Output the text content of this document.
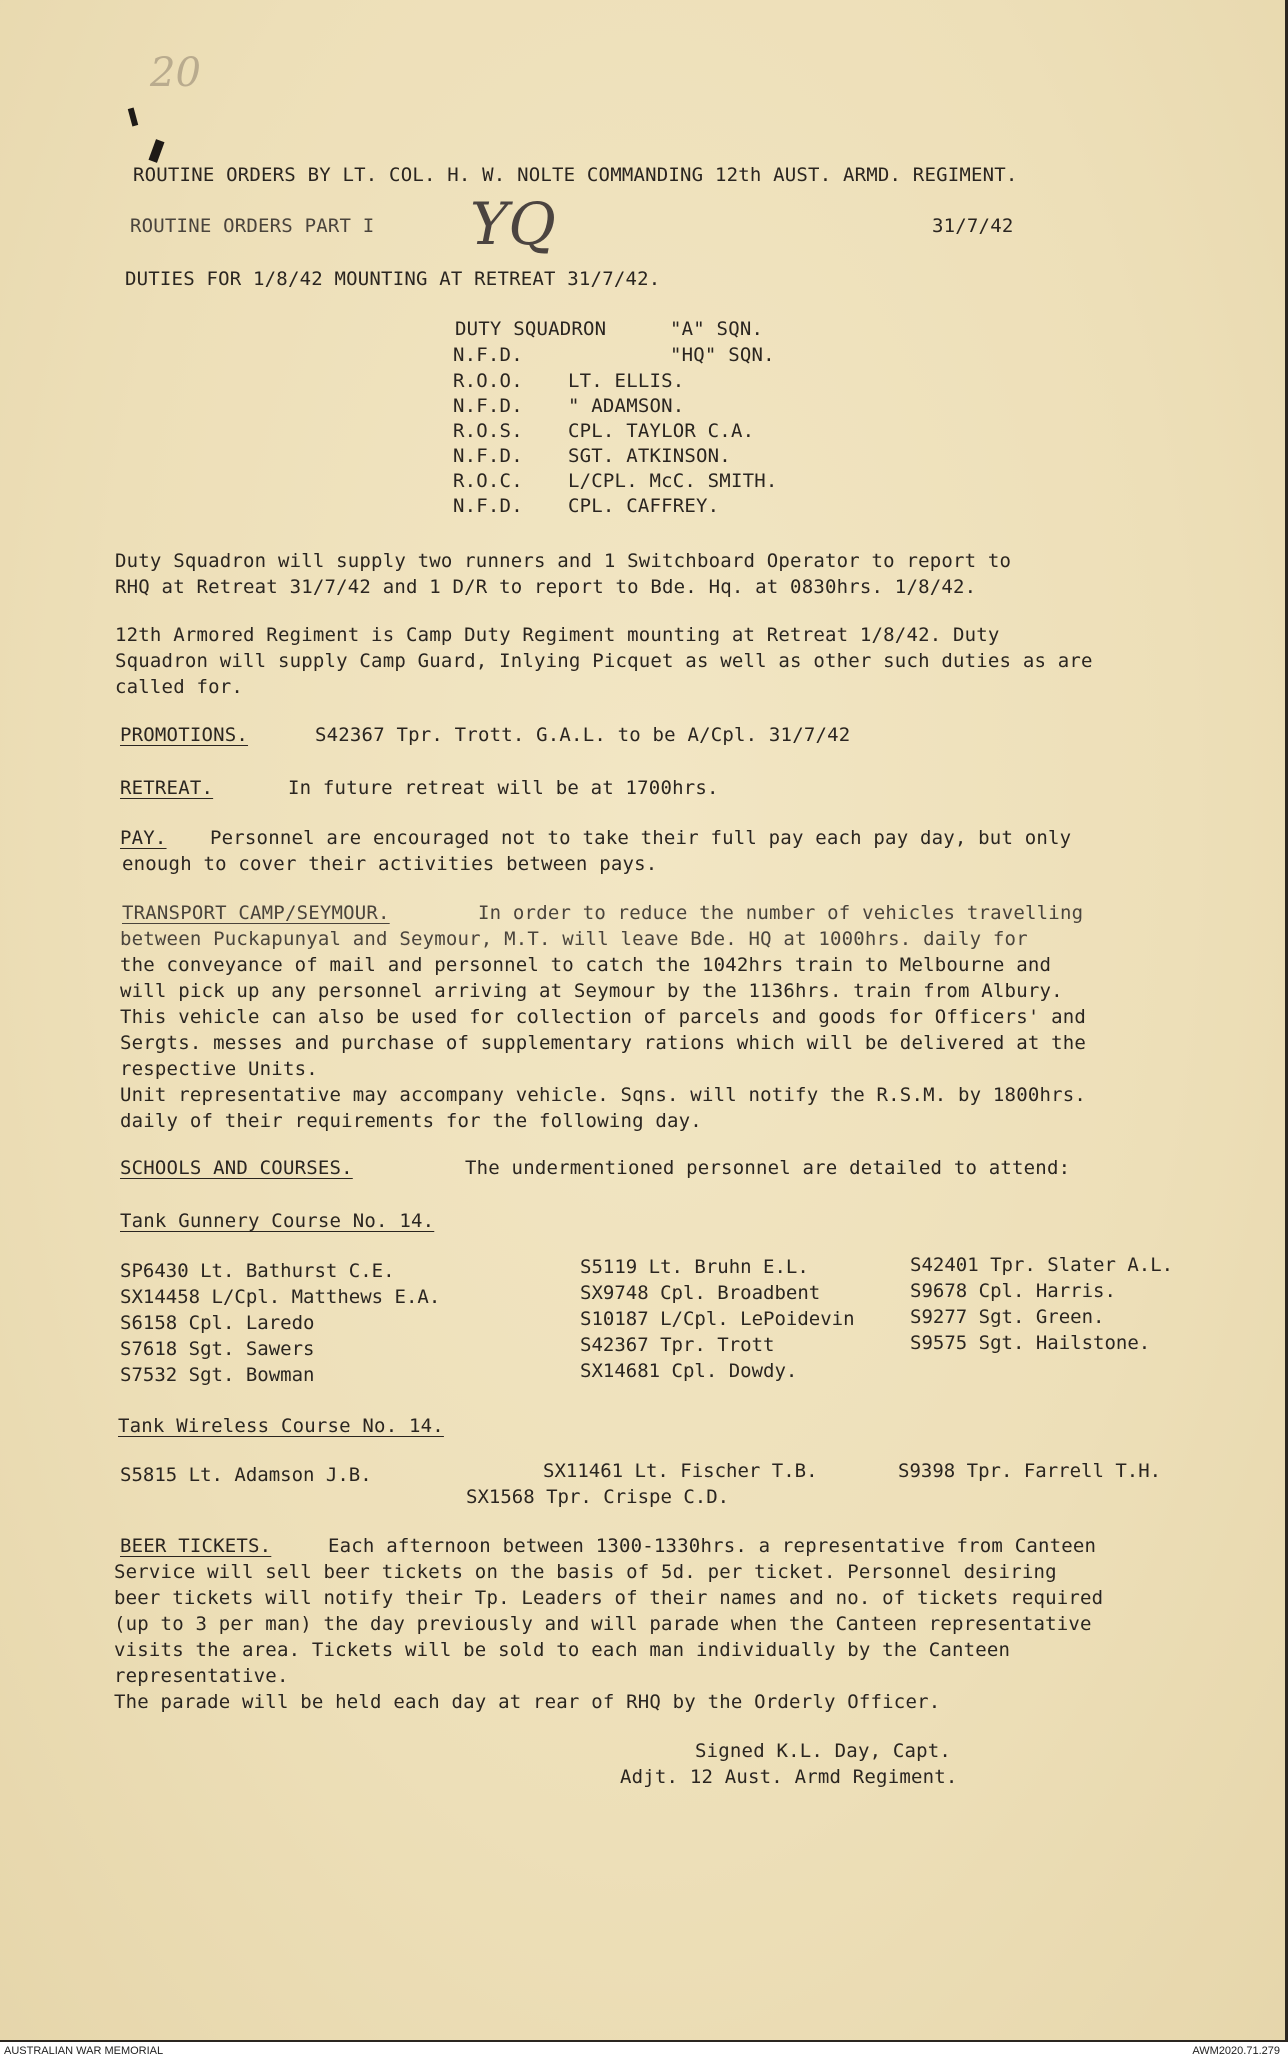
20
YQ
ROUTINE ORDERS BY LT. COL. H. W. NOLTE COMMANDING 12th AUST. ARMD. REGIMENT.
ROUTINE ORDERS PART I	31/7/42
DUTIES FOR 1/8/42 MOUNTING AT RETREAT 31/7/42.
DUTY SQUADRON	"A" SQN.
N.F.D.	"HQ" SQN.
R.O.O. LT. ELLIS.
N.F.D. " ADAMSON.
R.O.S. CPL. TAYLOR C.A.
N.F.D. SGT. ATKINSON.
R.O.C. L/CPL. McC. SMITH.
N.F.D. CPL. CAFFREY.
Duty Squadron will supply two runners and 1 Switchboard Operator to report to
RHQ at Retreat 31/7/42 and 1 D/R to report to Bde. Hq. at 0830hrs. 1/8/42.
12th Armored Regiment is Camp Duty Regiment mounting at Retreat 1/8/42. Duty
Squadron will supply Camp Guard, Inlying Picquet as well as other such duties as are
called for.
PROMOTIONS.	S42367 Tpr. Trott. G.A.L. to be A/Cpl. 31/7/42
RETREAT.	In future retreat will be at 1700hrs.
PAY. Personnel are encouraged not to take their full pay each pay day, but only
enough to cover their activities between pays.
TRANSPORT CAMP/SEYMOUR.	In order to reduce the number of vehicles travelling
between Puckapunyal and Seymour, M.T. will leave Bde. HQ at 1000hrs. daily for
the conveyance of mail and personnel to catch the 1042hrs train to Melbourne and
will pick up any personnel arriving at Seymour by the 1136hrs. train from Albury.
This vehicle can also be used for collection of parcels and goods for Officers' and
Sergts. messes and purchase of supplementary rations which will be delivered at the
respective Units.
Unit representative may accompany vehicle. Sqns. will notify the R.S.M. by 1800hrs.
daily of their requirements for the following day.
SCHOOLS AND COURSES.	The undermentioned personnel are detailed to attend:
Tank Gunnery Course No. 14.
SP6430 Lt. Bathurst C.E.
SX14458 L/Cpl. Matthews E.A.
S6158 Cpl. Laredo
S7618 Sgt. Sawers
S7532 Sgt. Bowman
S5119 Lt. Bruhn E.L.
SX9748 Cpl. Broadbent
S10187 L/Cpl. LePoidevin
S42367 Tpr. Trott
SX14681 Cpl. Dowdy.
S42401 Tpr. Slater A.L.
S9678 Cpl. Harris.
S9277 Sgt. Green.
S9575 Sgt. Hailstone.
Tank Wireless Course No. 14.
S5815 Lt. Adamson J.B.	SX11461 Lt. Fischer T.B.	S9398 Tpr. Farrell T.H.
SX1568 Tpr. Crispe C.D.
BEER TICKETS.	Each afternoon between 1300-1330hrs. a representative from Canteen
Service will sell beer tickets on the basis of 5d. per ticket. Personnel desiring
beer tickets will notify their Tp. Leaders of their names and no. of tickets required
(up to 3 per man) the day previously and will parade when the Canteen representative
visits the area. Tickets will be sold to each man individually by the Canteen
representative.
The parade will be held each day at rear of RHQ by the Orderly Officer.
Signed K.L. Day, Capt.
Adjt. 12 Aust. Armd Regiment.
AUSTRALIAN WAR MEMORIAL	AWM2020.71.279
